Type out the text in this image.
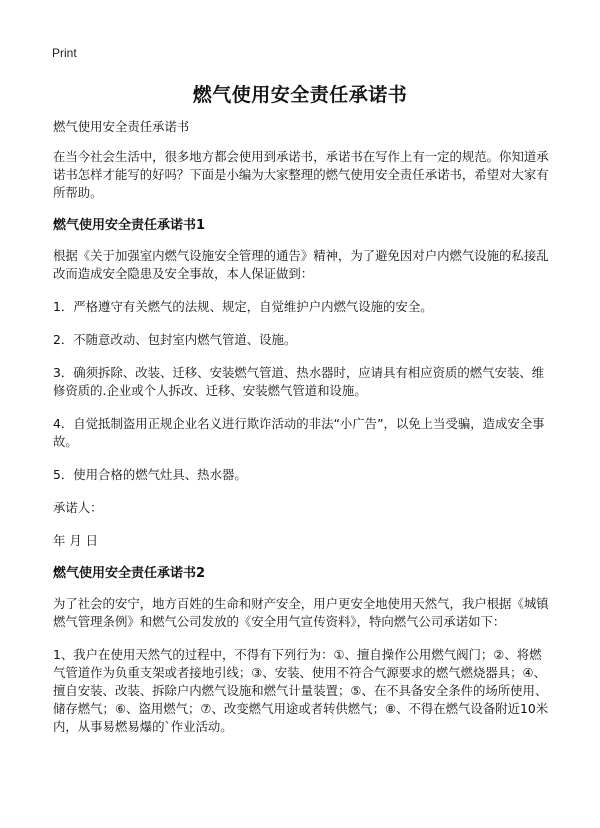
Print
燃气使用安全责任承诺书

燃气使用安全责任承诺书

在当今社会生活中，很多地方都会使用到承诺书，承诺书在写作上有一定的规范。你知道承诺书怎样才能写的好吗？下面是小编为大家整理的燃气使用安全责任承诺书，希望对大家有所帮助。

燃气使用安全责任承诺书1

根据《关于加强室内燃气设施安全管理的通告》精神，为了避免因对户内燃气设施的私接乱改而造成安全隐患及安全事故，本人保证做到：

1．严格遵守有关燃气的法规、规定，自觉维护户内燃气设施的安全。

2．不随意改动、包封室内燃气管道、设施。

3．确须拆除、改装、迁移、安装燃气管道、热水器时，应请具有相应资质的燃气安装、维修资质的.企业或个人拆改、迁移、安装燃气管道和设施。

4．自觉抵制盗用正规企业名义进行欺诈活动的非法“小广告”，以免上当受骗，造成安全事故。

5．使用合格的燃气灶具、热水器。

承诺人：

年 月 日

燃气使用安全责任承诺书2

为了社会的安宁，地方百姓的生命和财产安全，用户更安全地使用天然气，我户根据《城镇燃气管理条例》和燃气公司发放的《安全用气宣传资料》，特向燃气公司承诺如下：

1、我户在使用天然气的过程中，不得有下列行为：①、擅自操作公用燃气阀门；②、将燃气管道作为负重支架或者接地引线；③、安装、使用不符合气源要求的燃气燃烧器具；④、擅自安装、改装、拆除户内燃气设施和燃气计量装置；⑤、在不具备安全条件的场所使用、储存燃气；⑥、盗用燃气；⑦、改变燃气用途或者转供燃气；⑧、不得在燃气设备附近10米内，从事易燃易爆的`作业活动。
